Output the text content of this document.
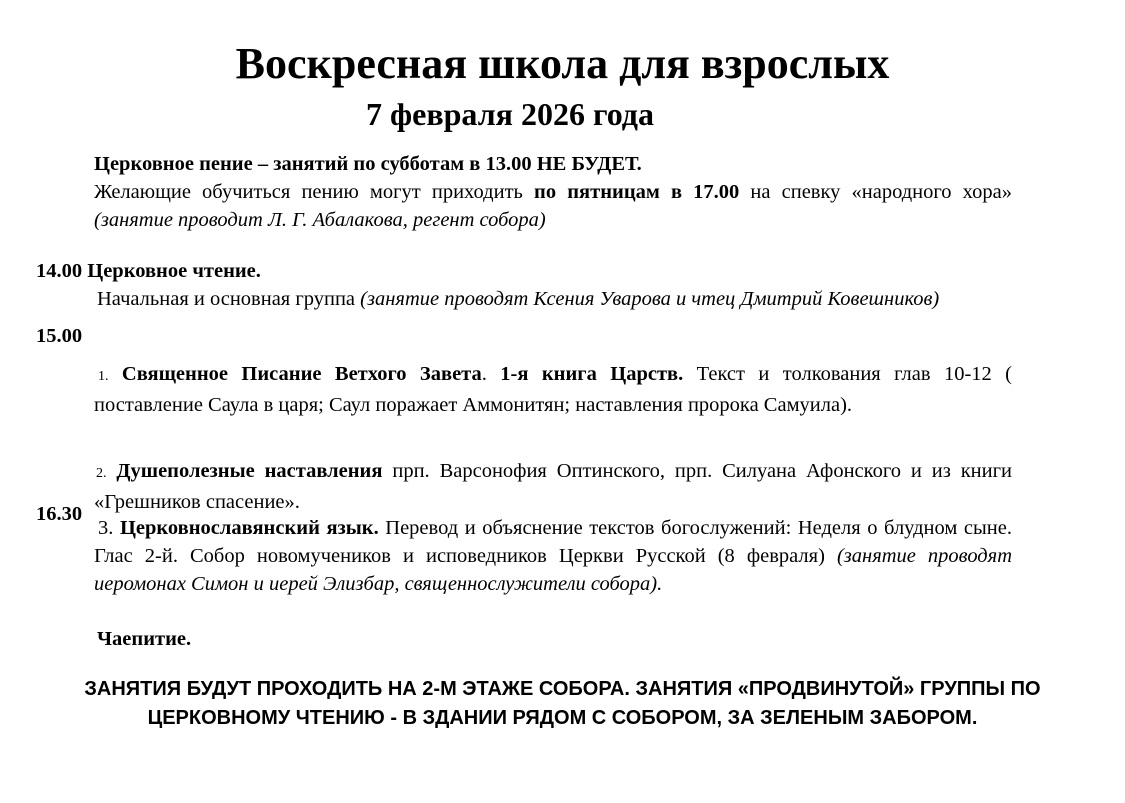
Воскресная школа для взрослых
7 февраля 2026 года
Церковное пение – занятий по субботам в 13.00 НЕ БУДЕТ.
Желающие обучиться пению могут приходить по пятницам в 17.00 на спевку «народного хора» (занятие проводит Л. Г. Абалакова, регент собора)
14.00 Церковное чтение.
Начальная и основная группа (занятие проводят Ксения Уварова и чтец Дмитрий Ковешников)
15.00
1. Священное Писание Ветхого Завета. 1-я книга Царств. Текст и толкования глав 10-12 ( поставление Саула в царя; Саул поражает Аммонитян; наставления пророка Самуила).
2. Душеполезные наставления прп. Варсонофия Оптинского, прп. Силуана Афонского и из книги «Грешников спасение».
16.30
3. Церковнославянский язык. Перевод и объяснение текстов богослужений: Неделя о блудном сыне. Глас 2-й. Собор новомучеников и исповедников Церкви Русской (8 февраля) (занятие проводят иеромонах Симон и иерей Элизбар, священнослужители собора).
Чаепитие.
ЗАНЯТИЯ БУДУТ ПРОХОДИТЬ НА 2-М ЭТАЖЕ СОБОРА. ЗАНЯТИЯ «ПРОДВИНУТОЙ» ГРУППЫ ПО ЦЕРКОВНОМУ ЧТЕНИЮ - В ЗДАНИИ РЯДОМ С СОБОРОМ, ЗА ЗЕЛЕНЫМ ЗАБОРОМ.
